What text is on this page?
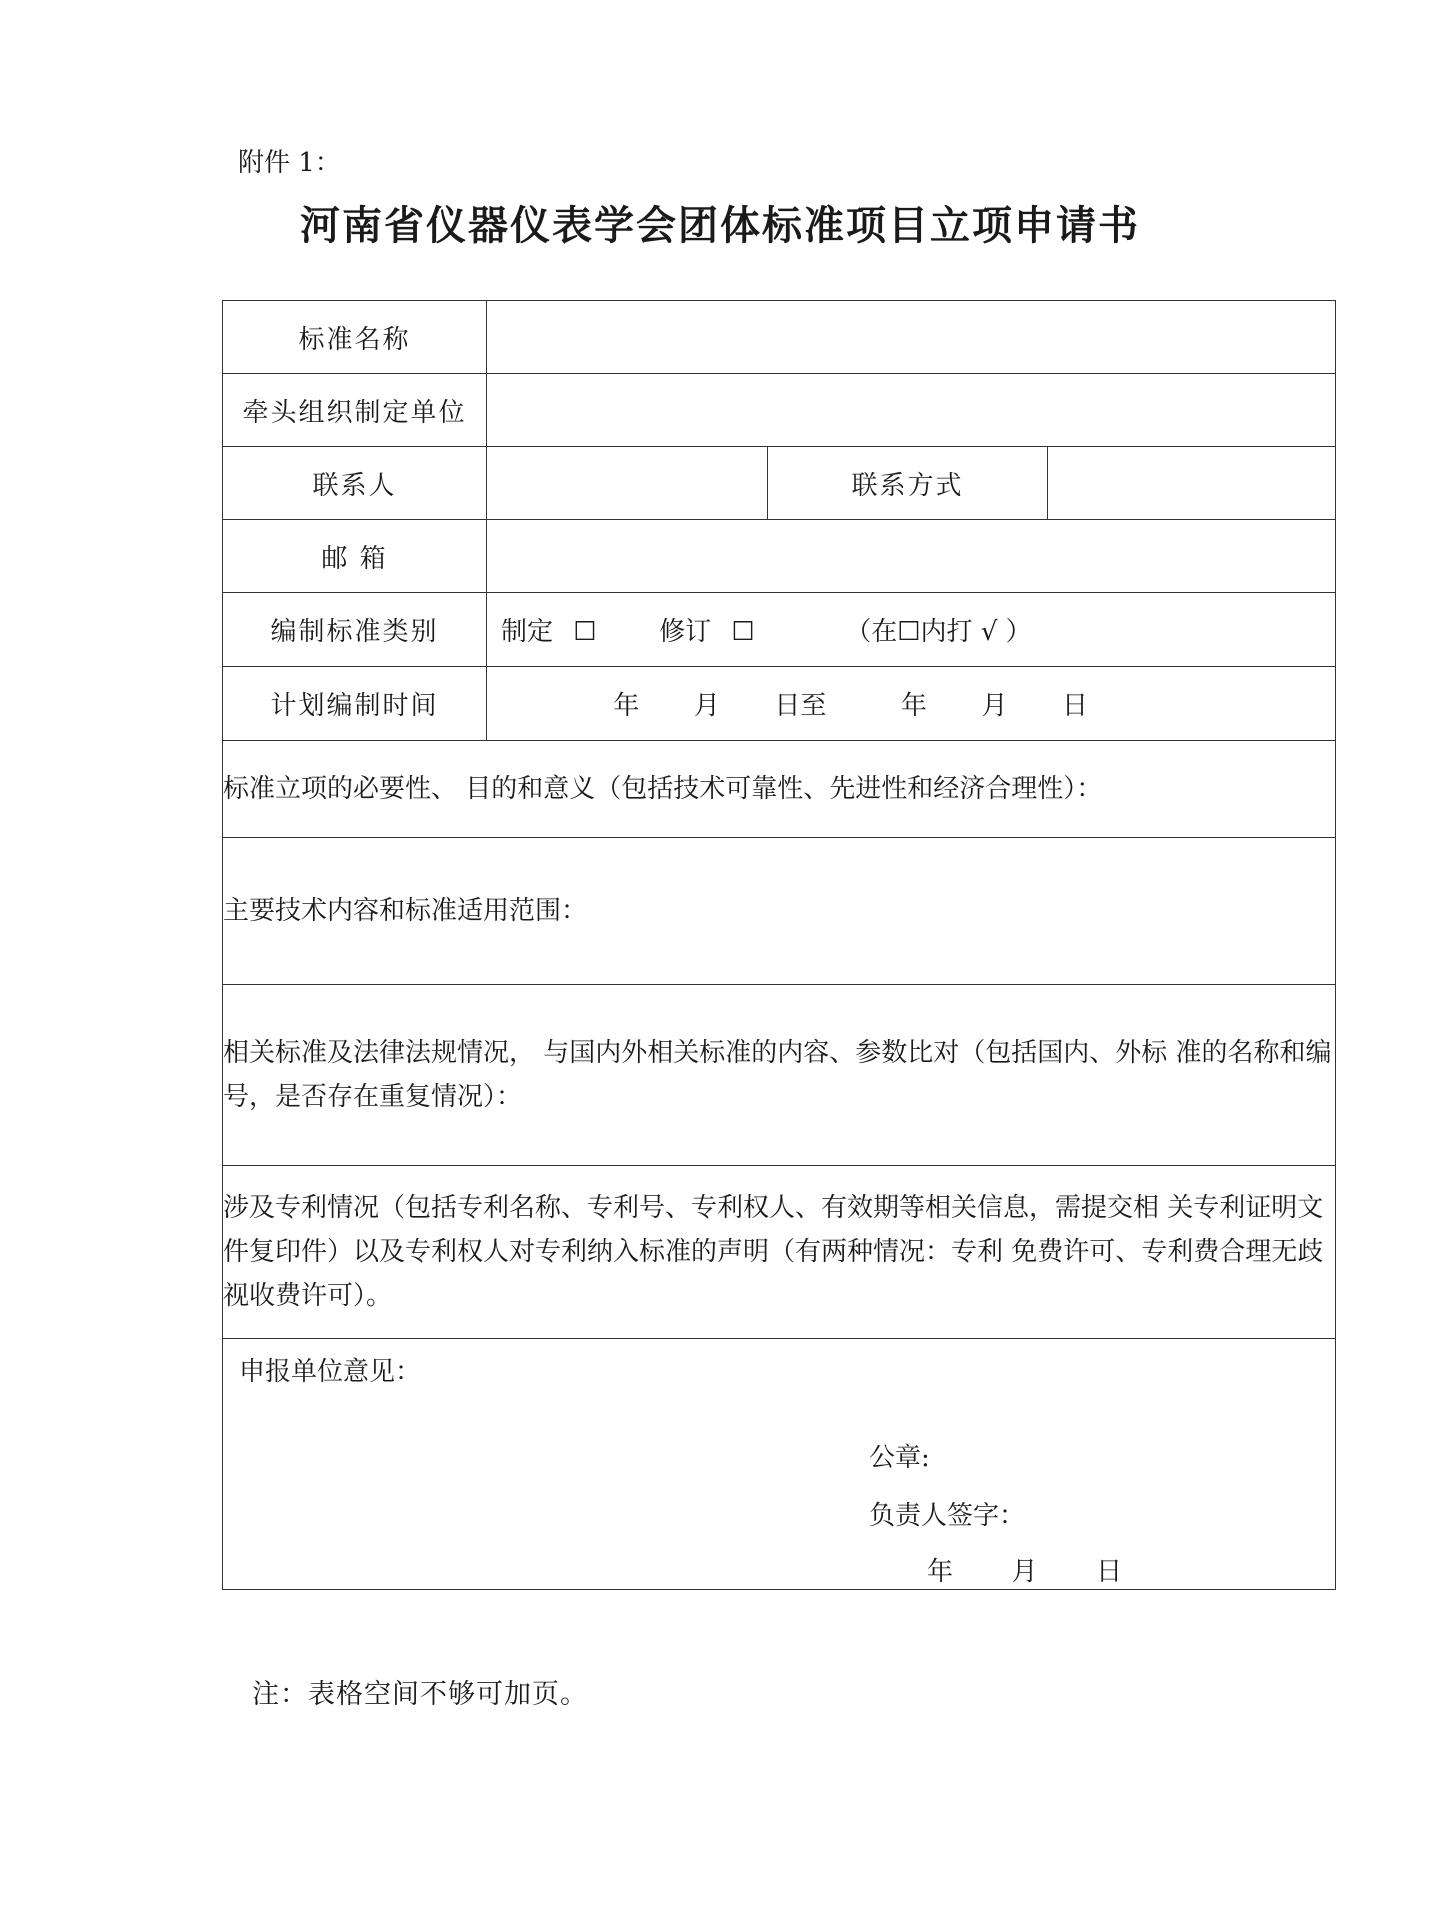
附件 1：
河南省仪器仪表学会团体标准项目立项申请书
标准名称			
牵头组织制定单位			
联系人		联系方式	
邮 箱			
编制标准类别	制定 ☐ 修订 ☐ （在☐内打 √ ）		
计划编制时间	年 月 日至 年 月 日		

标准立项的必要性、 目的和意义（包括技术可靠性、先进性和经济合理性）：			

主要技术内容和标准适用范围：			

相关标准及法律法规情况， 与国内外相关标准的内容、参数比对（包括国内、外标 准的名称和编号，是否存在重复情况）：			

涉及专利情况（包括专利名称、专利号、专利权人、有效期等相关信息，需提交相 关专利证明文件复印件）以及专利权人对专利纳入标准的声明（有两种情况：专利 免费许可、专利费合理无歧视收费许可）。			

申报单位意见：
公章:
负责人签字：
年 月 日			
注：表格空间不够可加页。
